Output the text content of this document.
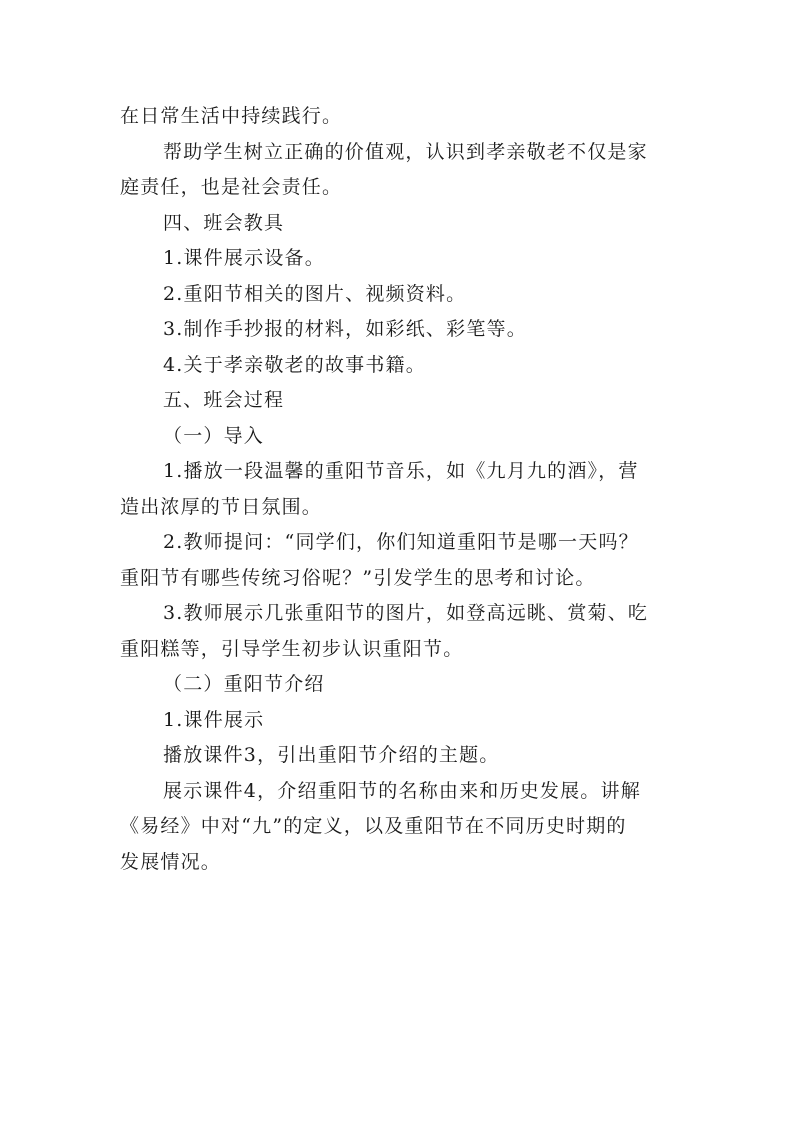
在日常生活中持续践行。

帮助学生树立正确的价值观，认识到孝亲敬老不仅是家

庭责任，也是社会责任。

四、班会教具

1.课件展示设备。

2.重阳节相关的图片、视频资料。

3.制作手抄报的材料，如彩纸、彩笔等。

4.关于孝亲敬老的故事书籍。

五、班会过程

（一）导入

1.播放一段温馨的重阳节音乐，如《九月九的酒》，营

造出浓厚的节日氛围。

2.教师提问：“同学们，你们知道重阳节是哪一天吗？

重阳节有哪些传统习俗呢？”引发学生的思考和讨论。

3.教师展示几张重阳节的图片，如登高远眺、赏菊、吃

重阳糕等，引导学生初步认识重阳节。

（二）重阳节介绍

1.课件展示

播放课件3，引出重阳节介绍的主题。

展示课件4，介绍重阳节的名称由来和历史发展。讲解

《易经》中对“九”的定义，以及重阳节在不同历史时期的

发展情况。
